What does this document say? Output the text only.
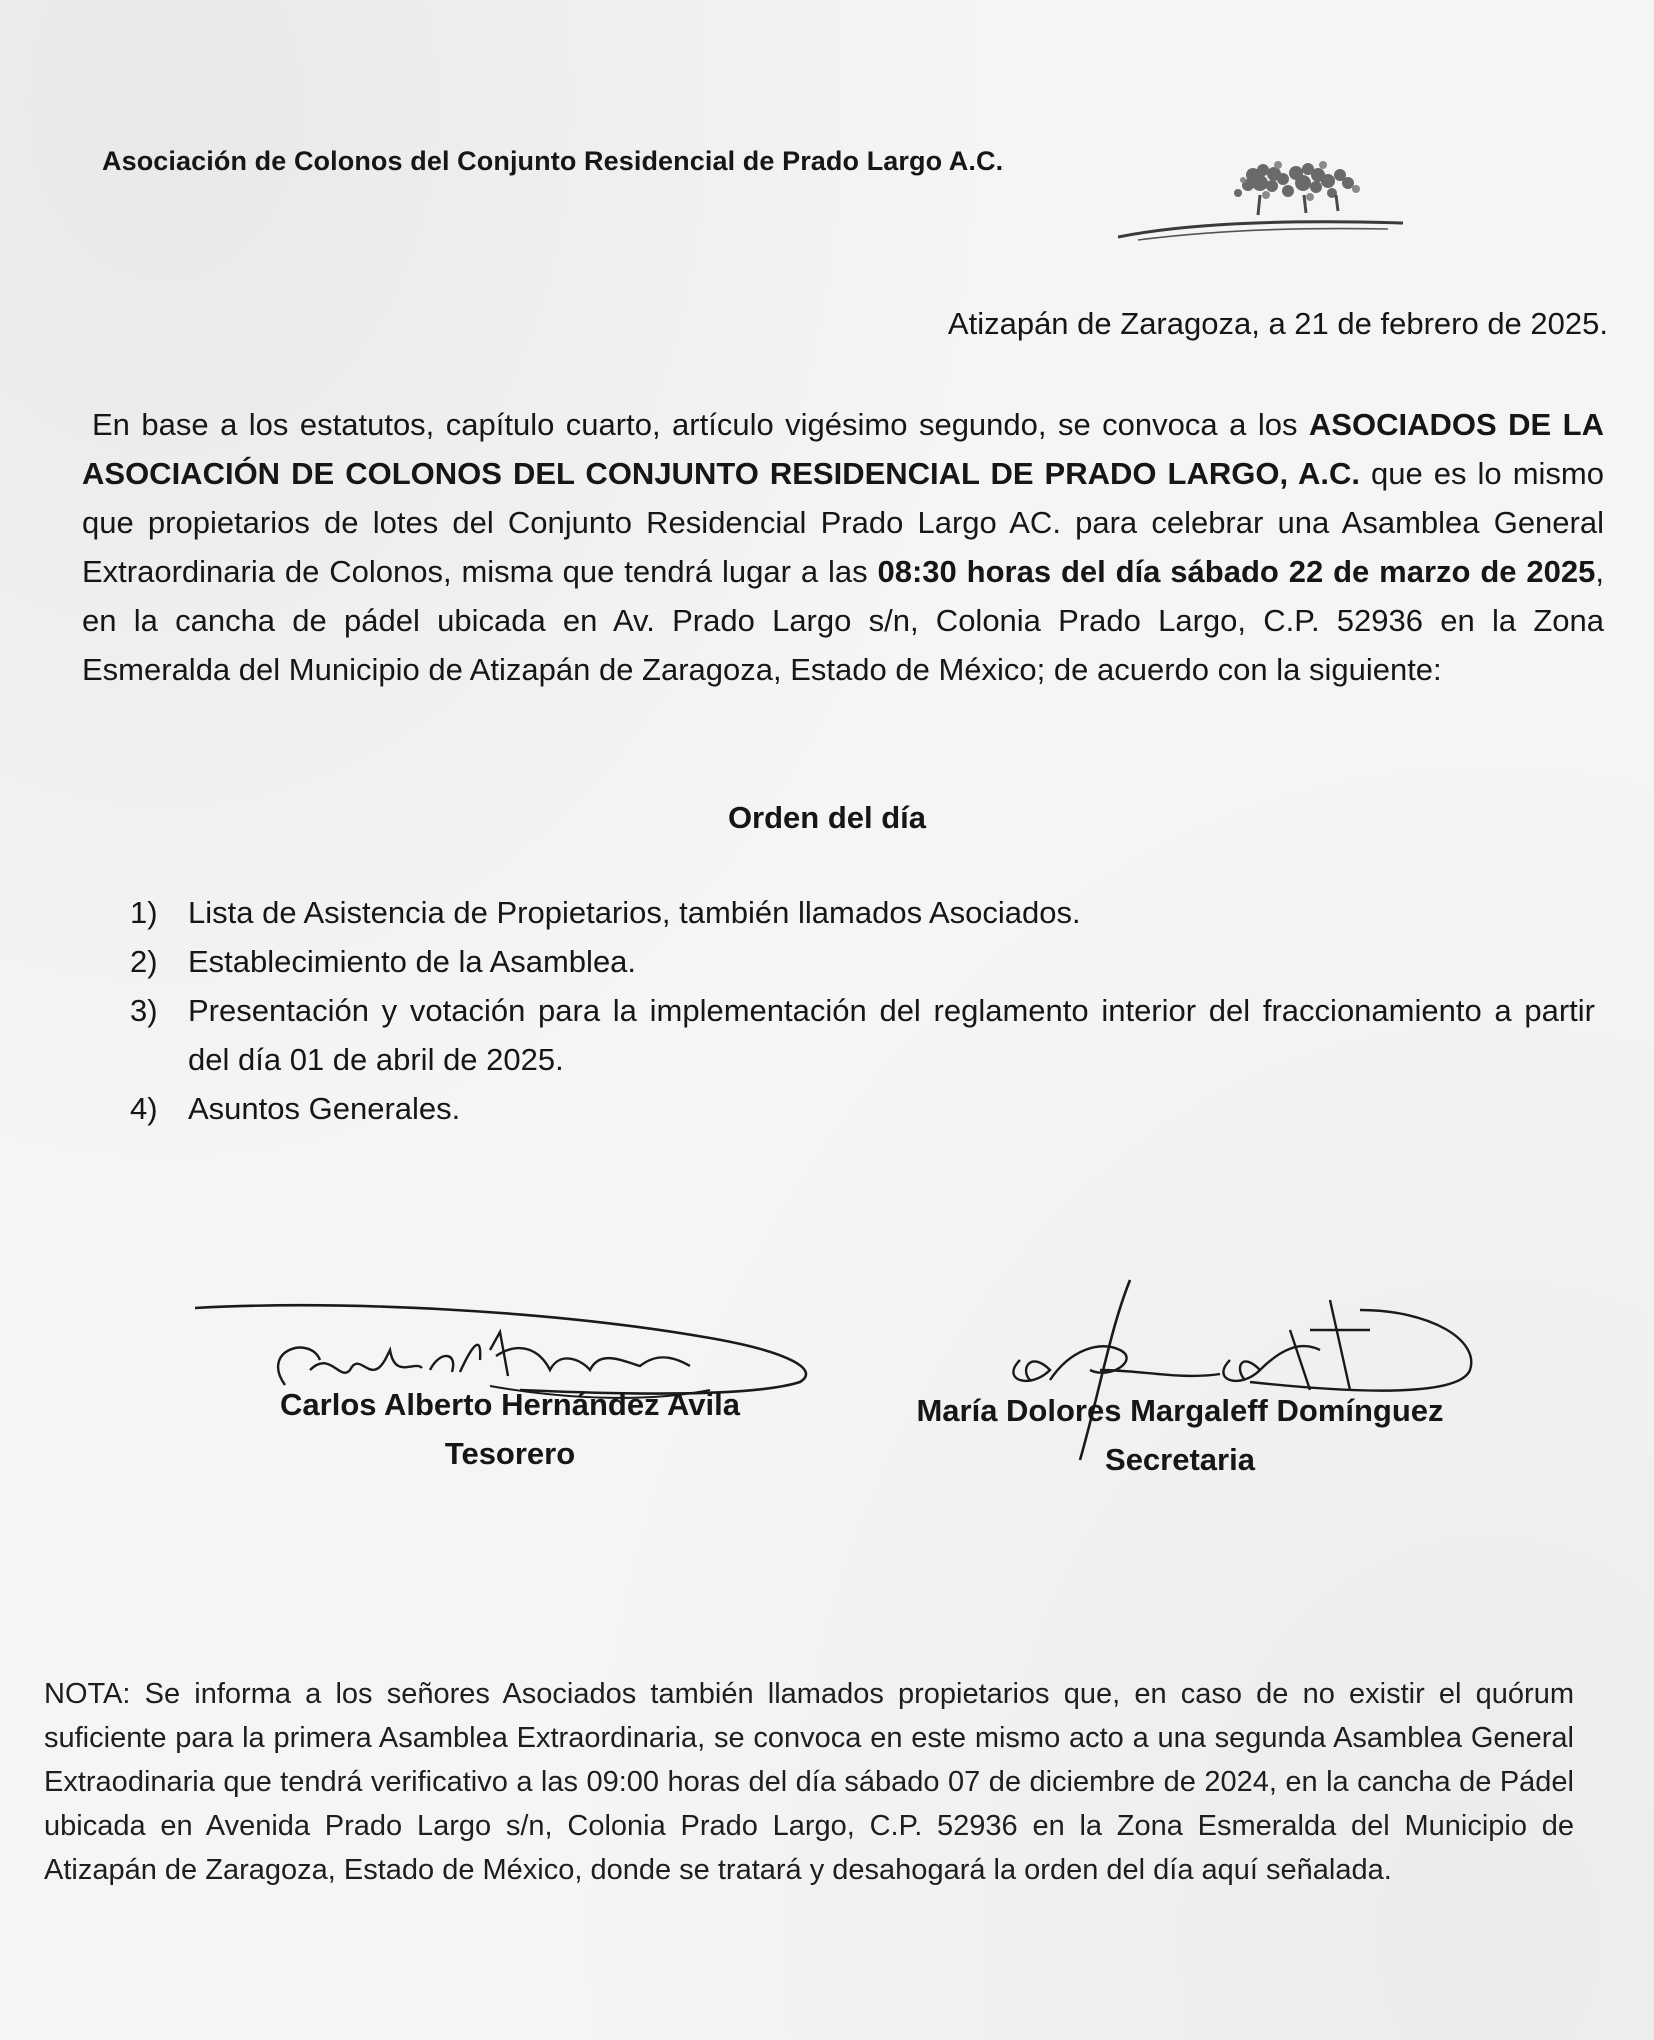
Asociación de Colonos del Conjunto Residencial de Prado Largo A.C.
Atizapán de Zaragoza, a 21 de febrero de 2025.
En base a los estatutos, capítulo cuarto, artículo vigésimo segundo, se convoca a los ASOCIADOS DE LA ASOCIACIÓN DE COLONOS DEL CONJUNTO RESIDENCIAL DE PRADO LARGO, A.C. que es lo mismo que propietarios de lotes del Conjunto Residencial Prado Largo AC. para celebrar una Asamblea General Extraordinaria de Colonos, misma que tendrá lugar a las 08:30 horas del día sábado 22 de marzo de 2025, en la cancha de pádel ubicada en Av. Prado Largo s/n, Colonia Prado Largo, C.P. 52936 en la Zona Esmeralda del Municipio de Atizapán de Zaragoza, Estado de México; de acuerdo con la siguiente:
Orden del día
1) Lista de Asistencia de Propietarios, también llamados Asociados.
2) Establecimiento de la Asamblea.
3) Presentación y votación para la implementación del reglamento interior del fraccionamiento a partir del día 01 de abril de 2025.
4) Asuntos Generales.
Carlos Alberto Hernández Avila
Tesorero
María Dolores Margaleff Domínguez
Secretaria
NOTA: Se informa a los señores Asociados también llamados propietarios que, en caso de no existir el quórum suficiente para la primera Asamblea Extraordinaria, se convoca en este mismo acto a una segunda Asamblea General Extraodinaria que tendrá verificativo a las 09:00 horas del día sábado 07 de diciembre de 2024, en la cancha de Pádel ubicada en Avenida Prado Largo s/n, Colonia Prado Largo, C.P. 52936 en la Zona Esmeralda del Municipio de Atizapán de Zaragoza, Estado de México, donde se tratará y desahogará la orden del día aquí señalada.
